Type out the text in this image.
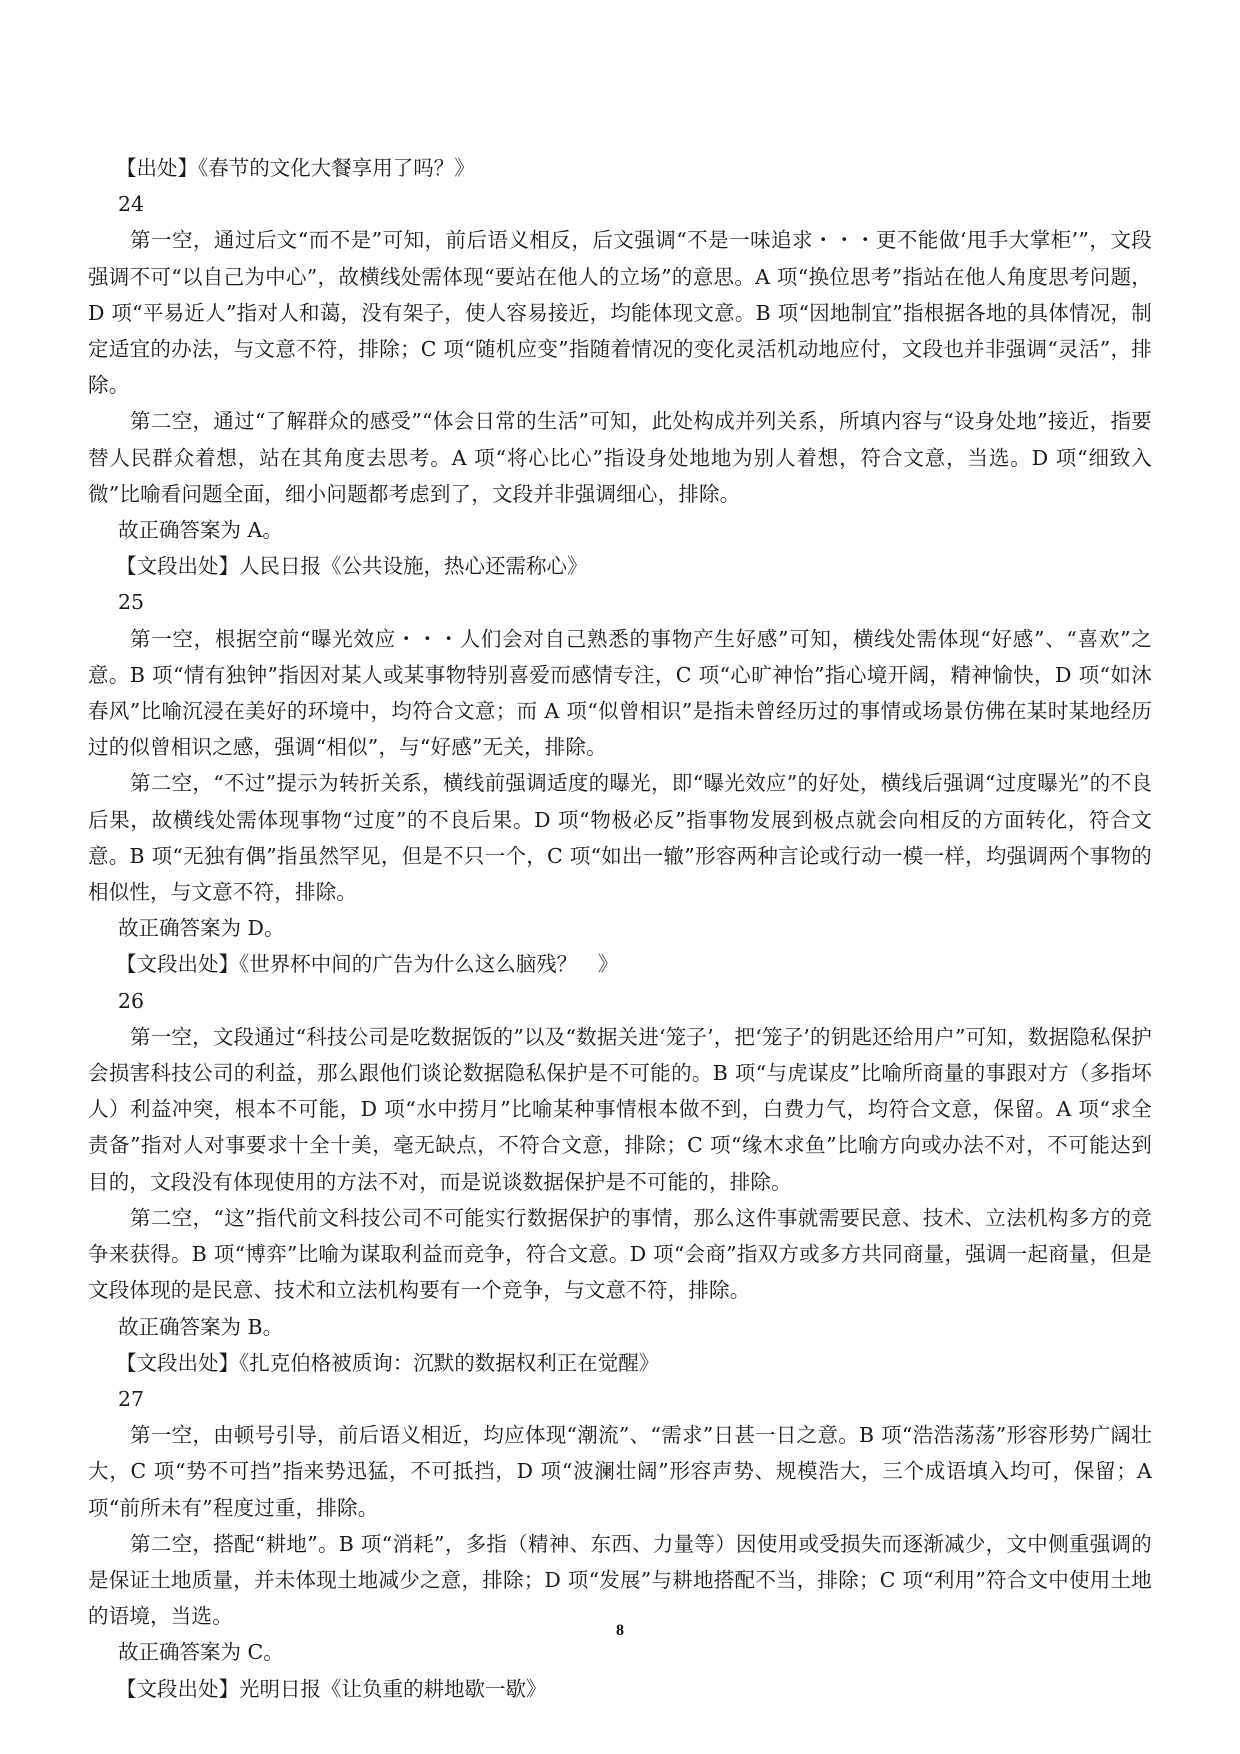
【出处】《春节的文化大餐享用了吗？》

24

第一空，通过后文“而不是”可知，前后语义相反，后文强调“不是一味追求・・・更不能做‘甩手大掌柜’”，文段强调不可“以自己为中心”，故横线处需体现“要站在他人的立场”的意思。A 项“换位思考”指站在他人角度思考问题，D 项“平易近人”指对人和蔼，没有架子，使人容易接近，均能体现文意。B 项“因地制宜”指根据各地的具体情况，制定适宜的办法，与文意不符，排除；C 项“随机应变”指随着情况的变化灵活机动地应付，文段也并非强调“灵活”，排除。

第二空，通过“了解群众的感受”“体会日常的生活”可知，此处构成并列关系，所填内容与“设身处地”接近，指要替人民群众着想，站在其角度去思考。A 项“将心比心”指设身处地地为别人着想，符合文意，当选。D 项“细致入微”比喻看问题全面，细小问题都考虑到了，文段并非强调细心，排除。

故正确答案为 A。

【文段出处】人民日报《公共设施，热心还需称心》

25

第一空，根据空前“曝光效应・・・人们会对自己熟悉的事物产生好感”可知，横线处需体现“好感”、“喜欢”之意。B 项“情有独钟”指因对某人或某事物特别喜爱而感情专注，C 项“心旷神怡”指心境开阔，精神愉快，D 项“如沐春风”比喻沉浸在美好的环境中，均符合文意；而 A 项“似曾相识”是指未曾经历过的事情或场景仿佛在某时某地经历过的似曾相识之感，强调“相似”，与“好感”无关，排除。

第二空，“不过”提示为转折关系，横线前强调适度的曝光，即“曝光效应”的好处，横线后强调“过度曝光”的不良后果，故横线处需体现事物“过度”的不良后果。D 项“物极必反”指事物发展到极点就会向相反的方面转化，符合文意。B 项“无独有偶”指虽然罕见，但是不只一个，C 项“如出一辙”形容两种言论或行动一模一样，均强调两个事物的相似性，与文意不符，排除。

故正确答案为 D。

【文段出处】《世界杯中间的广告为什么这么脑残？　》

26

第一空，文段通过“科技公司是吃数据饭的”以及“数据关进‘笼子’，把‘笼子’的钥匙还给用户”可知，数据隐私保护会损害科技公司的利益，那么跟他们谈论数据隐私保护是不可能的。B 项“与虎谋皮”比喻所商量的事跟对方（多指坏人）利益冲突，根本不可能，D 项“水中捞月”比喻某种事情根本做不到，白费力气，均符合文意，保留。A 项“求全责备”指对人对事要求十全十美，毫无缺点，不符合文意，排除；C 项“缘木求鱼”比喻方向或办法不对，不可能达到目的，文段没有体现使用的方法不对，而是说谈数据保护是不可能的，排除。

第二空，“这”指代前文科技公司不可能实行数据保护的事情，那么这件事就需要民意、技术、立法机构多方的竞争来获得。B 项“博弈”比喻为谋取利益而竞争，符合文意。D 项“会商”指双方或多方共同商量，强调一起商量，但是文段体现的是民意、技术和立法机构要有一个竞争，与文意不符，排除。

故正确答案为 B。

【文段出处】《扎克伯格被质询：沉默的数据权利正在觉醒》

27

第一空，由顿号引导，前后语义相近，均应体现“潮流”、“需求”日甚一日之意。B 项“浩浩荡荡”形容形势广阔壮大，C 项“势不可挡”指来势迅猛，不可抵挡，D 项“波澜壮阔”形容声势、规模浩大，三个成语填入均可，保留；A 项“前所未有”程度过重，排除。

第二空，搭配“耕地”。B 项“消耗”，多指（精神、东西、力量等）因使用或受损失而逐渐减少，文中侧重强调的是保证土地质量，并未体现土地减少之意，排除；D 项“发展”与耕地搭配不当，排除；C 项“利用”符合文中使用土地的语境，当选。

故正确答案为 C。

【文段出处】光明日报《让负重的耕地歇一歇》

8
